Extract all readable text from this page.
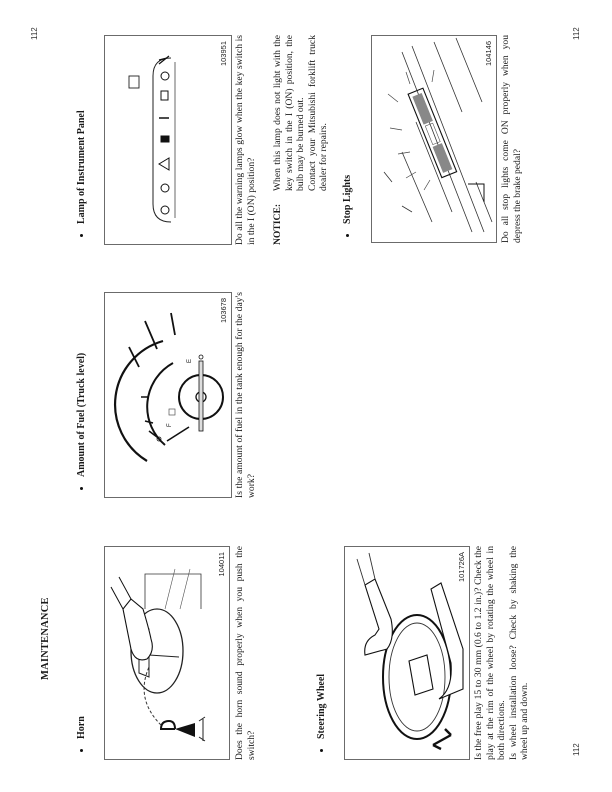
112
112
112
MAINTENANCE
Horn
104011 Does the horn sound properly when you push the switch?
Steering Wheel
101726A Is the free play 15 to 30 mm (0.6 to 1.2 in.)? Check the play at the rim of the wheel by rotating the wheel in both directions. Is wheel installation loose? Check by shaking the wheel up and down.
Amount of Fuel (Truck level)	F
E
103678 Is the amount of fuel in the tank enough for the day's work?
Lamp of Instrument Panel
103951 Do all the warning lamps glow when the key switch is in the I (ON) position? NOTICE:
When this lamp does not light with the key switch in the I (ON) position, the bulb may be burned out. Contact your Mitsubishi forklift truck dealer for repairs.
Stop Lights
104146 Do all stop lights come ON properly when you depress the brake pedal?
